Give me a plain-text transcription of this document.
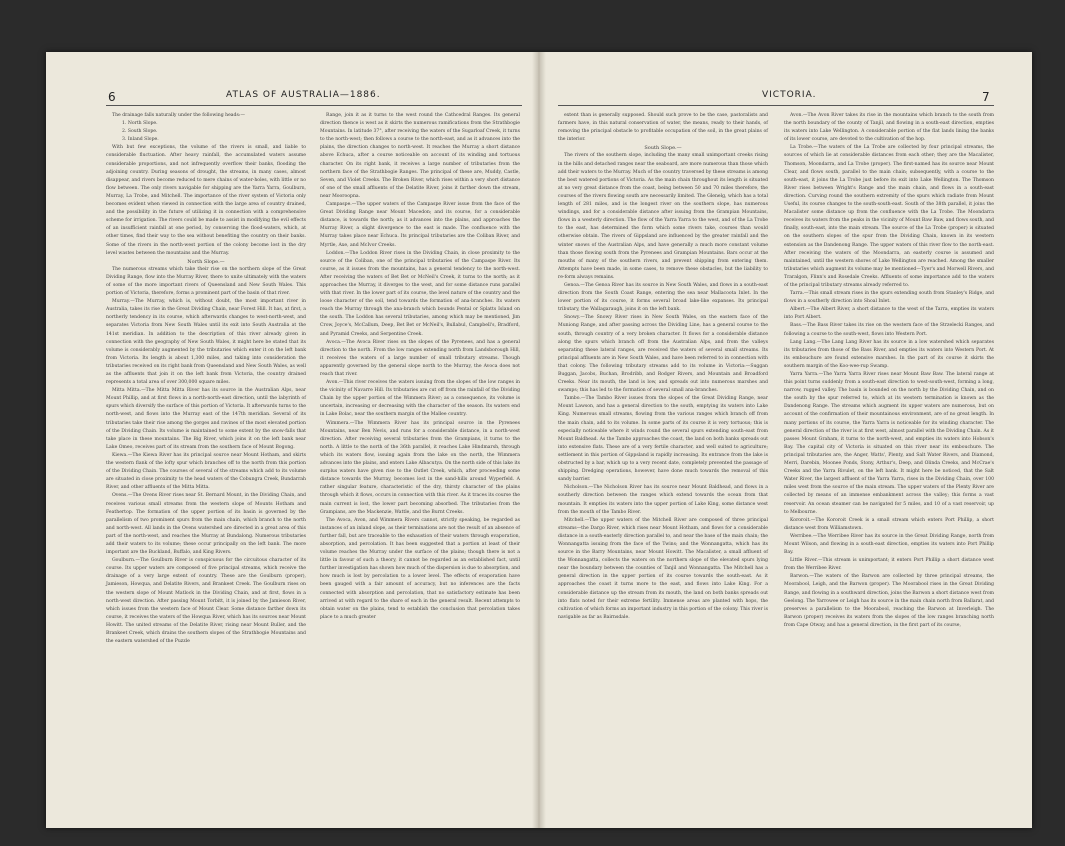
6	ATLAS OF AUSTRALIA—1886.

The drainage falls naturally under the following heads:—

1. North Slope.

2. South Slope.

3. Inland Slope.

With but few exceptions, the volume of the rivers is small, and liable to considerable fluctuation. After heavy rainfall, the accumulated waters assume considerable proportions, and not infrequently overflow their banks, flooding the adjoining country. During seasons of drought, the streams, in many cases, almost disappear, and rivers become reduced to mere chains of water-holes, with little or no flow between. The only rivers navigable for shipping are the Yarra Yarra, Goulburn, Murray, La Trobe, and Mitchell. The importance of the river system of Victoria only becomes evident when viewed in connection with the large area of country drained, and the possibility in the future of utilizing it in connection with a comprehensive scheme for irrigation. The rivers could be made to assist in modifying the evil effects of an insufficient rainfall at one period, by conserving the flood-waters, which, at other times, find their way to the sea without benefiting the country on their banks. Some of the rivers in the north-west portion of the colony become lost in the dry level wastes between the mountains and the Murray.

North Slope.—

The numerous streams which take their rise on the northern slope of the Great Dividing Range, flow into the Murray River, there to unite ultimately with the waters of some of the more important rivers of Queensland and New South Wales. This portion of Victoria, therefore, forms a prominent part of the basin of that river.

Murray.—The Murray, which is, without doubt, the most important river in Australia, takes its rise in the Great Dividing Chain, near Forest Hill. It has, at first, a northerly tendency in its course, which afterwards changes to west-north-west, and separates Victoria from New South Wales until its exit into South Australia at the 141st meridian. In addition to the description of this river already given in connection with the geography of New South Wales, it might here be stated that its volume is considerably augmented by the tributaries which enter it on the left bank from Victoria. Its length is about 1,300 miles, and taking into consideration the tributaries received on its right bank from Queensland and New South Wales, as well as the affluents that join it on the left bank from Victoria, the country drained represents a total area of over 300,000 square miles.

Mitta Mitta.—The Mitta Mitta River has its source in the Australian Alps, near Mount Phillip, and at first flows in a north-north-east direction, until the labyrinth of spurs which diversify the surface of this portion of Victoria. It afterwards turns to the north-west, and flows into the Murray east of the 147th meridian. Several of its tributaries take their rise among the gorges and ravines of the most elevated portion of the Dividing Chain. Its volume is maintained to some extent by the snow-falls that take place in these mountains. The Big River, which joins it on the left bank near Lake Omeo, receives part of its stream from the southern face of Mount Bogong.

Kiewa.—The Kiewa River has its principal source near Mount Hotham, and skirts the western flank of the lofty spur which branches off to the north from this portion of the Dividing Chain. The courses of several of the streams which add to its volume are situated in close proximity to the head waters of the Cobungra Creek, Bundarrah River, and other affluents of the Mitta Mitta.

Ovens.—The Ovens River rises near St. Bernard Mount, in the Dividing Chain, and receives various small streams from the western slope of Mounts Hotham and Feathertop. The formation of the upper portion of its basin is governed by the parallelism of two prominent spurs from the main chain, which branch to the north and north-west. All lands in the Ovens watershed are directed in a great area of this part of the north-west, and reaches the Murray at Bundalong. Numerous tributaries add their waters to its volume; these occur principally on the left bank. The more important are the Buckland, Buffalo, and King Rivers.

Goulburn.—The Goulburn River is conspicuous for the circuitous character of its course. Its upper waters are composed of five principal streams, which receive the drainage of a very large extent of country. These are the Goulburn (proper), Jamieson, Howqua, and Delatite Rivers, and Brankeet Creek. The Goulburn rises on the western slope of Mount Matlock in the Dividing Chain, and at first, flows in a north-west direction. After passing Mount Torbitt, it is joined by the Jamieson River, which issues from the western face of Mount Clear. Some distance farther down its course, it receives the waters of the Howqua River, which has its sources near Mount Howitt. The united streams of the Delatite River, rising near Mount Buller, and the Brankeet Creek, which drains the southern slopes of the Strathbogie Mountains and the eastern watershed of the Puzzle

Range, join it as it turns to the west round the Cathcedral Ranges. Its general direction thence is west as it skirts the numerous ramifications from the Strathbogie Mountains. In latitude 37°, after receiving the waters of the Sugarloaf Creek, it turns to the north-west; then follows a course to the north-east, and as it advances into the plains, the direction changes to north-west. It reaches the Murray a short distance above Echuca, after a course noticeable on account of its winding and tortuous character. On its right bank, it receives a large number of tributaries from the northern face of the Strathbogie Ranges. The principal of these are, Muddy, Castle, Seven, and Violet Creeks. The Broken River, which rises within a very short distance of one of the small affluents of the Delatite River, joins it farther down the stream, near Mooroopna.

Campaspe.—The upper waters of the Campaspe River issue from the face of the Great Dividing Range near Mount Macedon; and its course, for a considerable distance, is towards the north; as it advances into the plains, and approaches the Murray River, a slight divergence to the east is made. The confluence with the Murray takes place near Echuca. Its principal tributaries are the Coliban River, and Myrtle, Axe, and McIvor Creeks.

Loddon.—The Loddon River rises in the Dividing Chain, in close proximity to the source of the Coliban, one of the principal tributaries of the Campaspe River. Its course, as it issues from the mountains, has a general tendency to the north-west. After receiving the waters of Bet Bet or McNeil's Creek, it turns to the north; as it approaches the Murray, it diverges to the west, and for some distance runs parallel with that river. In the lower part of its course, the level nature of the country and the loose character of the soil, tend towards the formation of ana-branches. Its waters reach the Murray through the ana-branch which bounds Pental or Splatts Island on the south. The Loddon has several tributaries, among which may be mentioned, Jim Crow, Joyce's, McCallum, Deep, Bet Bet or McNeil's, Bullabul, Campbell's, Bradford, and Pyramid Creeks, and Serpentine Creek.

Avoca.—The Avoca River rises on the slopes of the Pyrenees, and has a general direction to the north. From the low ranges extending north from Landsborough Hill, it receives the waters of a large number of small tributary streams. Though apparently governed by the general slope north to the Murray, the Avoca does not reach that river.

Avon.—This river receives the waters issuing from the slopes of the low ranges in the vicinity of Navarre Hill. Its tributaries are cut off from the rainfall of the Dividing Chain by the upper portion of the Wimmera River; as a consequence, its volume is uncertain, increasing or decreasing with the character of the season. Its waters end in Lake Bolac, near the southern margin of the Mallee country.

Wimmera.—The Wimmera River has its principal source in the Pyrenees Mountains, near Ben Nevis, and runs for a considerable distance, in a north-west direction. After receiving several tributaries from the Grampians, it turns to the north. A little to the north of the 36th parallel, it reaches Lake Hindmarsh, through which its waters flow, issuing again from the lake on the north, the Wimmera advances into the plains, and enters Lake Albacutya. On the north side of this lake its surplus waters have given rise to the Outlet Creek, which, after proceeding some distance towards the Murray, becomes lost in the sand-hills around Wyperfeld. A rather singular feature, characteristic of the dry, thirsty character of the plains through which it flows, occurs in connection with this river. As it traces its course the main current is lost, the lower part becoming absorbed. The tributaries from the Grampians, are the Mackenzie, Wattle, and the Burnt Creeks.

The Avoca, Avon, and Wimmera Rivers cannot, strictly speaking, be regarded as instances of an inland slope, as their terminations are not the result of an absence of further fall, but are traceable to the exhaustion of their waters through evaporation, absorption, and percolation. It has been suggested that a portion at least of their volume reaches the Murray under the surface of the plains; though there is not a little in favour of such a theory, it cannot be regarded as an established fact, until further investigation has shown how much of the dispersion is due to absorption, and how much is lost by percolation to a lower level. The effects of evaporation have been gauged with a fair amount of accuracy, but no inferences are the facts connected with absorption and percolation, that no satisfactory estimate has been arrived at with regard to the share of each in the general result. Recent attempts to obtain water on the plains, tend to establish the conclusion that percolation takes place to a much greater

VICTORIA.	7

extent than is generally supposed. Should such prove to be the case, pastoralists and farmers have, in this natural conservation of water, the means, ready to their hands, of removing the principal obstacle to profitable occupation of the soil, in the great plains of the interior.

South Slope.—

The rivers of the southern slope, including the many small unimportant creeks rising in the hills and detached ranges near the seaboard, are more numerous than those which add their waters to the Murray. Much of the country traversed by these streams is among the best watered portions of Victoria. As the main chain throughout its length is situated at no very great distance from the coast, being between 50 and 70 miles therefore, the courses of the rivers flowing south are necessarily limited. The Glenelg, which has a total length of 281 miles, and is the longest river on the southern slope, has numerous windings, and for a considerable distance after issuing from the Grampian Mountains, flows in a westerly direction. The flow of the Yarra Yarra to the west, and of the La Trobe to the east, has determined the form which some rivers take, courses than would otherwise obtain. The rivers of Gippsland are influenced by the greater rainfall and the winter snows of the Australian Alps, and have generally a much more constant volume than those flowing south from the Pyrenees and Grampian Mountains. Bars occur at the mouths of many of the southern rivers, and prevent shipping from entering them. Attempts have been made, in some cases, to remove these obstacles, but the liability to re-form always remains.

Genoa.—The Genoa River has its source in New South Wales, and flows in a south-east direction from the South Coast Range, entering the sea near Mallacoota Inlet. In the lower portion of its course, it forms several broad lake-like expanses. Its principal tributary, the Wallagaraugh, joins it on the left bank.

Snowy.—The Snowy River rises in New South Wales, on the eastern face of the Muniong Range, and after passing across the Dividing Line, has a general course to the south, through country of a very broken character. It flows for a considerable distance along the spurs which branch off from the Australian Alps, and from the valleys separating these lateral ranges, are received the waters of several small streams. Its principal affluents are in New South Wales, and have been referred to in connection with that colony. The following tributary streams add to its volume in Victoria:—Suggan Buggan, Jacobs, Buchan, Brodribb, and Rodger Rivers, and Mountain and Broadford Creeks. Near its mouth, the land is low, and spreads out into numerous marshes and swamps; this has led to the formation of several small ana-branches.

Tambo.—The Tambo River issues from the slopes of the Great Dividing Range, near Mount Lawson, and has a general direction to the south, emptying its waters into Lake King. Numerous small streams, flowing from the various ranges which branch off from the main chain, add to its volume. In some parts of its course it is very tortuous; this is especially noticeable where it winds round the several spurs extending south-east from Mount Baldhead. As the Tambo approaches the coast, the land on both banks spreads out into extensive flats. These are of a very fertile character, and well suited to agriculture; settlement in this portion of Gippsland is rapidly increasing. Its entrance from the lake is obstructed by a bar, which up to a very recent date, completely prevented the passage of shipping. Dredging operations, however, have done much towards the removal of this sandy barrier.

Nicholson.—The Nicholson River has its source near Mount Baldhead, and flows in a southerly direction between the ranges which extend towards the ocean from that mountain. It empties its waters into the upper portion of Lake King, some distance west from the mouth of the Tambo River.

Mitchell.—The upper waters of the Mitchell River are composed of three principal streams—the Dargo River, which rises near Mount Hotham, and flows for a considerable distance in a south-easterly direction parallel to, and near the base of the main chain; the Wonnangatta issuing from the face of the Twins; and the Wonnangatta, which has its source in the Barry Mountains, near Mount Howitt. The Macalister, a small affluent of the Wonnangatta, collects the waters on the northern slope of the elevated spurs lying near the boundary between the counties of Tanjil and Wonnangatta. The Mitchell has a general direction in the upper portion of its course towards the south-east. As it approaches the coast it turns more to the east, and flows into Lake King. For a considerable distance up the stream from its mouth, the land on both banks spreads out into flats noted for their extreme fertility. Immense areas are planted with hops, the cultivation of which forms an important industry in this portion of the colony. This river is navigable as far as Bairnsdale.

Avon.—The Avon River takes its rise in the mountains which branch to the south from the north boundary of the county of Tanjil, and flowing in a south-east direction, empties its waters into Lake Wellington. A considerable portion of the flat lands lining the banks of its lower course, are devoted to the cultivation of the hop.

La Trobe.—The waters of the La Trobe are collected by four principal streams, the sources of which lie at considerable distances from each other; they are the Macalister, Thomson, Moondarra, and La Trobe (proper). The first-named has its source near Mount Clear, and flows south, parallel to the main chain; subsequently, with a course to the south-east, it joins the La Trobe just before its exit into Lake Wellington. The Thomson River rises between Wright's Range and the main chain, and flows in a south-east direction. Curving round the southern extremity of the spurs which radiate from Mount Useful, its course changes to the south-south-east. South of the 38th parallel, it joins the Macalister some distance up from the confluence with the La Trobe. The Moondarra receives its waters from the peaks in the vicinity of Mount Baw Baw, and flows south, and finally, south-east, into the main stream. The source of the La Trobe (proper) is situated on the southern slopes of the spur from the Dividing Chain, known in its western extension as the Dandenong Range. The upper waters of this river flow to the north-east. After receiving the waters of the Moondarra, an easterly course is assumed and maintained, until the western shores of Lake Wellington are reached. Among the smaller tributaries which augment its volume may be mentioned—Tyer's and Morwell Rivers, and Traralgon, Flinn's and Rosedale Creeks. Affluents of some importance add to the waters of the principal tributary streams already referred to.

Tarra.—This small stream rises in the spurs extending south from Stanley's Ridge, and flows in a southerly direction into Shoal Inlet.

Albert.—The Albert River, a short distance to the west of the Tarra, empties its waters into Port Albert.

Bass.—The Bass River takes its rise on the western face of the Strzelecki Ranges, and following a course to the south-west, flows into Western Port.

Lang Lang.—The Lang Lang River has its source in a low watershed which separates its tributaries from those of the Bass River, and empties its waters into Western Port. At its embouchure are found extensive marshes. In the part of its course it skirts the southern margin of the Koo-wee-rup Swamp.

Yarra Yarra.—The Yarra Yarra River rises near Mount Baw Baw. The lateral range at this point turns suddenly from a south-east direction to west-south-west, forming a long, narrow, rugged valley. The basin is bounded on the north by the Dividing Chain, and on the south by the spur referred to, which at its western termination is known as the Dandenong Range. The streams which augment its upper waters are numerous, but on account of the confirmation of their mountainous environment, are of no great length. In many portions of its course, the Yarra Yarra is noticeable for its winding character. The general direction of the river is at first west, almost parallel with the Dividing Chain. As it passes Mount Graham, it turns to the north-west, and empties its waters into Hobson's Bay. The capital city of Victoria is situated on this river near its embouchure. The principal tributaries are, the Anger, Watts', Plenty, and Salt Water Rivers, and Diamond, Merri, Darebin, Moonee Ponds, Stony, Arthur's, Deep, and Olinda Creeks, and McCrae's Creeks and the Yarra Rivulet, on the left bank. It might here be noticed, that the Salt Water River, the largest affluent of the Yarra Yarra, rises in the Dividing Chain, over 100 miles west from the source of the main stream. The upper waters of the Plenty River are collected by means of an immense embankment across the valley; this forms a vast reservoir. An ocean steamer can be navigated for 5 miles, and 10 of a vast reservoir, up to Melbourne.

Kororoit.—The Kororoit Creek is a small stream which enters Port Phillip, a short distance west from Williamstown.

Werribee.—The Werribee River has its source in the Great Dividing Range, north from Mount Wilson, and flowing in a south-east direction, empties its waters into Port Phillip Bay.

Little River.—This stream is unimportant; it enters Port Phillip a short distance west from the Werribee River.

Barwon.—The waters of the Barwon are collected by three principal streams, the Moorabool, Leigh, and the Barwon (proper). The Moorabool rises in the Great Dividing Range, and flowing in a southward direction, joins the Barwon a short distance west from Geelong. The Yarrowee or Leigh has its source in the main chain north from Ballarat, and preserves a parallelism to the Moorabool, reaching the Barwon at Inverleigh. The Barwon (proper) receives its waters from the slopes of the low ranges branching north from Cape Otway, and has a general direction, in the first part of its course,
